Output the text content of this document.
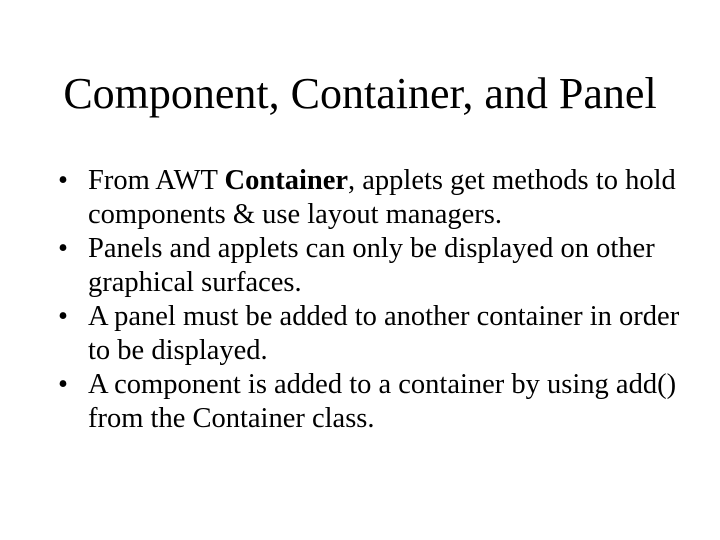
Component, Container, and Panel
• From AWT Container, applets get methods to hold components & use layout managers.
• Panels and applets can only be displayed on other graphical surfaces.
• A panel must be added to another container in order to be displayed.
• A component is added to a container by using add() from the Container class.
